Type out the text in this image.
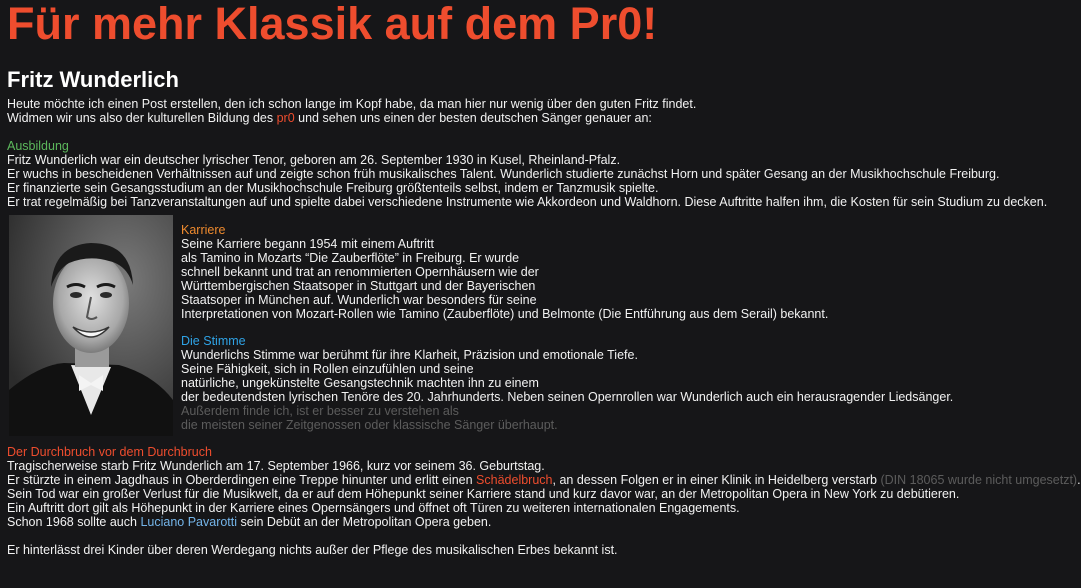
Für mehr Klassik auf dem Pr0!
Fritz Wunderlich
Heute möchte ich einen Post erstellen, den ich schon lange im Kopf habe, da man hier nur wenig über den guten Fritz findet.
Widmen wir uns also der kulturellen Bildung des pr0 und sehen uns einen der besten deutschen Sänger genauer an:
Ausbildung
Fritz Wunderlich war ein deutscher lyrischer Tenor, geboren am 26. September 1930 in Kusel, Rheinland-Pfalz.
Er wuchs in bescheidenen Verhältnissen auf und zeigte schon früh musikalisches Talent. Wunderlich studierte zunächst Horn und später Gesang an der Musikhochschule Freiburg.
Er finanzierte sein Gesangsstudium an der Musikhochschule Freiburg größtenteils selbst, indem er Tanzmusik spielte.
Er trat regelmäßig bei Tanzveranstaltungen auf und spielte dabei verschiedene Instrumente wie Akkordeon und Waldhorn. Diese Auftritte halfen ihm, die Kosten für sein Studium zu decken.
Karriere
Seine Karriere begann 1954 mit einem Auftritt
als Tamino in Mozarts “Die Zauberflöte” in Freiburg. Er wurde
schnell bekannt und trat an renommierten Opernhäusern wie der
Württembergischen Staatsoper in Stuttgart und der Bayerischen
Staatsoper in München auf. Wunderlich war besonders für seine
Interpretationen von Mozart-Rollen wie Tamino (Zauberflöte) und Belmonte (Die Entführung aus dem Serail) bekannt.
Die Stimme
Wunderlichs Stimme war berühmt für ihre Klarheit, Präzision und emotionale Tiefe.
Seine Fähigkeit, sich in Rollen einzufühlen und seine
natürliche, ungekünstelte Gesangstechnik machten ihn zu einem
der bedeutendsten lyrischen Tenöre des 20. Jahrhunderts. Neben seinen Opernrollen war Wunderlich auch ein herausragender Liedsänger.
Außerdem finde ich, ist er besser zu verstehen als
die meisten seiner Zeitgenossen oder klassische Sänger überhaupt.
Der Durchbruch vor dem Durchbruch
Tragischerweise starb Fritz Wunderlich am 17. September 1966, kurz vor seinem 36. Geburtstag.
Er stürzte in einem Jagdhaus in Oberderdingen eine Treppe hinunter und erlitt einen Schädelbruch, an dessen Folgen er in einer Klinik in Heidelberg verstarb (DIN 18065 wurde nicht umgesetzt).
Sein Tod war ein großer Verlust für die Musikwelt, da er auf dem Höhepunkt seiner Karriere stand und kurz davor war, an der Metropolitan Opera in New York zu debütieren.
Ein Auftritt dort gilt als Höhepunkt in der Karriere eines Opernsängers und öffnet oft Türen zu weiteren internationalen Engagements.
Schon 1968 sollte auch Luciano Pavarotti sein Debüt an der Metropolitan Opera geben.
Er hinterlässt drei Kinder über deren Werdegang nichts außer der Pflege des musikalischen Erbes bekannt ist.
